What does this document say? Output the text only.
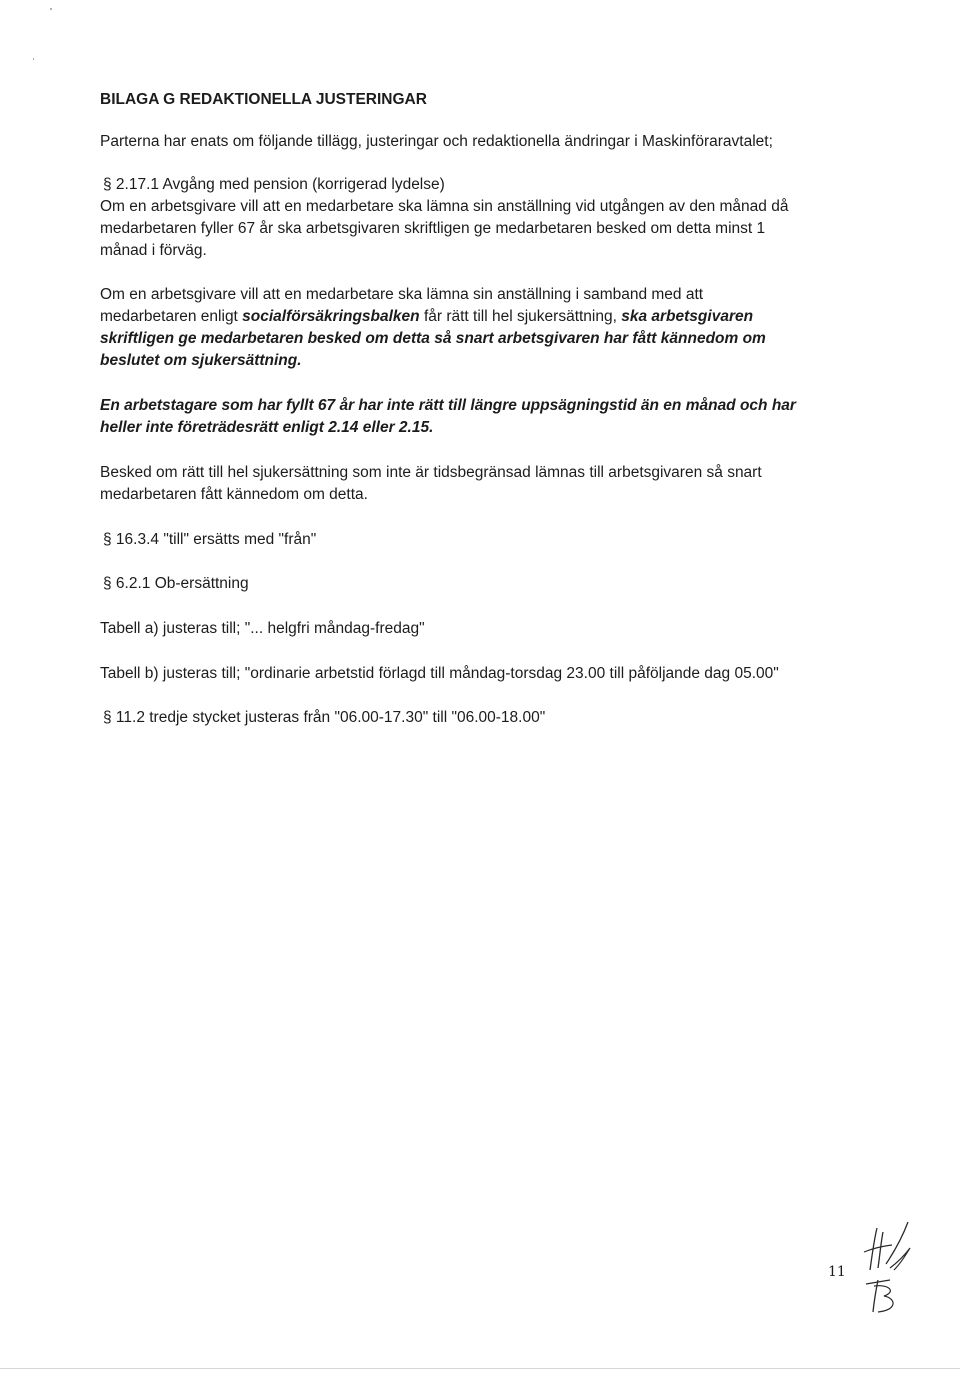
BILAGA G REDAKTIONELLA JUSTERINGAR
Parterna har enats om följande tillägg, justeringar och redaktionella ändringar i Maskinföraravtalet;
§ 2.17.1 Avgång med pension (korrigerad lydelse)
Om en arbetsgivare vill att en medarbetare ska lämna sin anställning vid utgången av den månad då
medarbetaren fyller 67 år ska arbetsgivaren skriftligen ge medarbetaren besked om detta minst 1
månad i förväg.
Om en arbetsgivare vill att en medarbetare ska lämna sin anställning i samband med att
medarbetaren enligt socialförsäkringsbalken får rätt till hel sjukersättning, ska arbetsgivaren
skriftligen ge medarbetaren besked om detta så snart arbetsgivaren har fått kännedom om
beslutet om sjukersättning.
En arbetstagare som har fyllt 67 år har inte rätt till längre uppsägningstid än en månad och har
heller inte företrädesrätt enligt 2.14 eller 2.15.
Besked om rätt till hel sjukersättning som inte är tidsbegränsad lämnas till arbetsgivaren så snart
medarbetaren fått kännedom om detta.
§ 16.3.4 "till" ersätts med "från"
§ 6.2.1 Ob-ersättning
Tabell a) justeras till; "... helgfri måndag-fredag"
Tabell b) justeras till; "ordinarie arbetstid förlagd till måndag-torsdag 23.00 till påföljande dag 05.00"
§ 11.2 tredje stycket justeras från "06.00-17.30" till "06.00-18.00"
11
